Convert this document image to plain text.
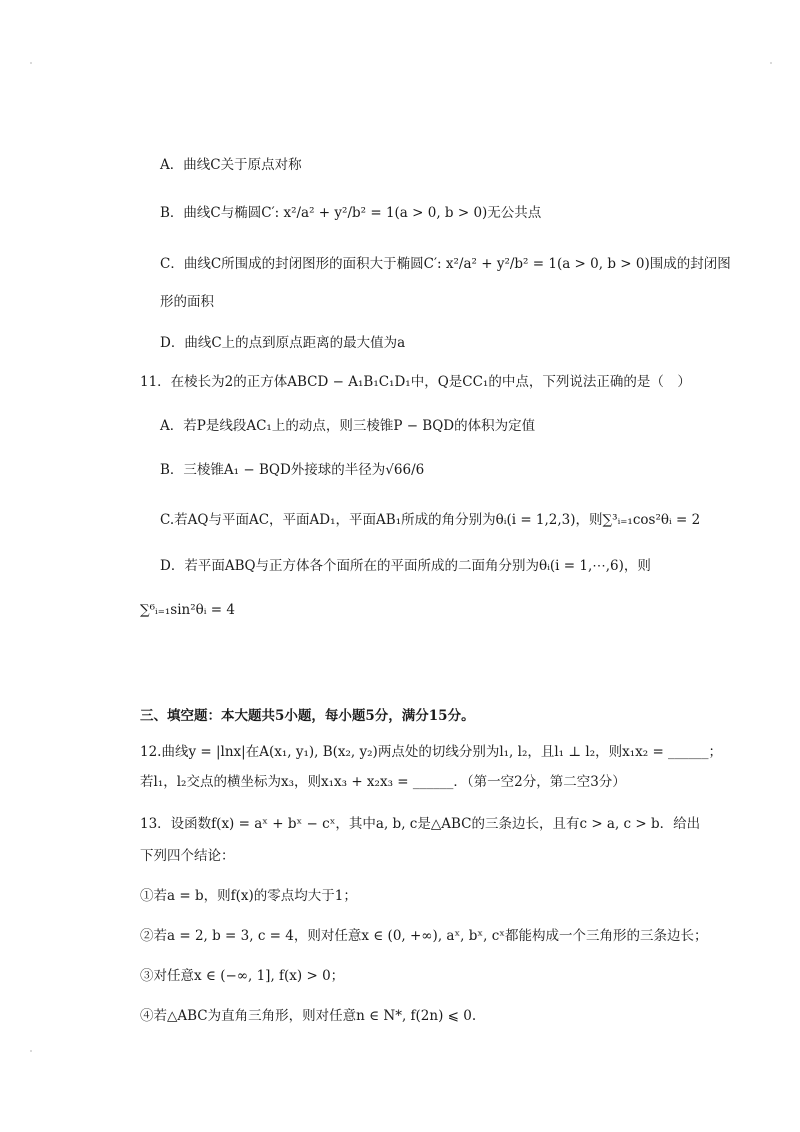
A．曲线C关于原点对称
B．曲线C与椭圆C′: x²/a² + y²/b² = 1(a > 0, b > 0)无公共点
C．曲线C所围成的封闭图形的面积大于椭圆C′: x²/a² + y²/b² = 1(a > 0, b > 0)围成的封闭图
形的面积
D．曲线C上的点到原点距离的最大值为a
11．在棱长为2的正方体ABCD − A₁B₁C₁D₁中，Q是CC₁的中点，下列说法正确的是（　）
A．若P是线段AC₁上的动点，则三棱锥P − BQD的体积为定值
B．三棱锥A₁ − BQD外接球的半径为√66/6
C.若AQ与平面AC，平面AD₁，平面AB₁所成的角分别为θᵢ(i = 1,2,3)，则∑³ᵢ₌₁cos²θᵢ = 2
D．若平面ABQ与正方体各个面所在的平面所成的二面角分别为θᵢ(i = 1,⋯,6)，则
∑⁶ᵢ₌₁sin²θᵢ = 4
三、填空题：本大题共5小题，每小题5分，满分15分。
12.曲线y = |lnx|在A(x₁, y₁), B(x₂, y₂)两点处的切线分别为l₁, l₂，且l₁ ⊥ l₂，则x₁x₂ = ______；
若l₁，l₂交点的横坐标为x₃，则x₁x₃ + x₂x₃ = ______．（第一空2分，第二空3分）
13．设函数f(x) = aˣ + bˣ − cˣ，其中a, b, c是△ABC的三条边长，且有c > a, c > b．给出
下列四个结论：
①若a = b，则f(x)的零点均大于1；
②若a = 2, b = 3, c = 4，则对任意x ∈ (0, +∞), aˣ, bˣ, cˣ都能构成一个三角形的三条边长；
③对任意x ∈ (−∞, 1], f(x) > 0；
④若△ABC为直角三角形，则对任意n ∈ N*, f(2n) ⩽ 0.
